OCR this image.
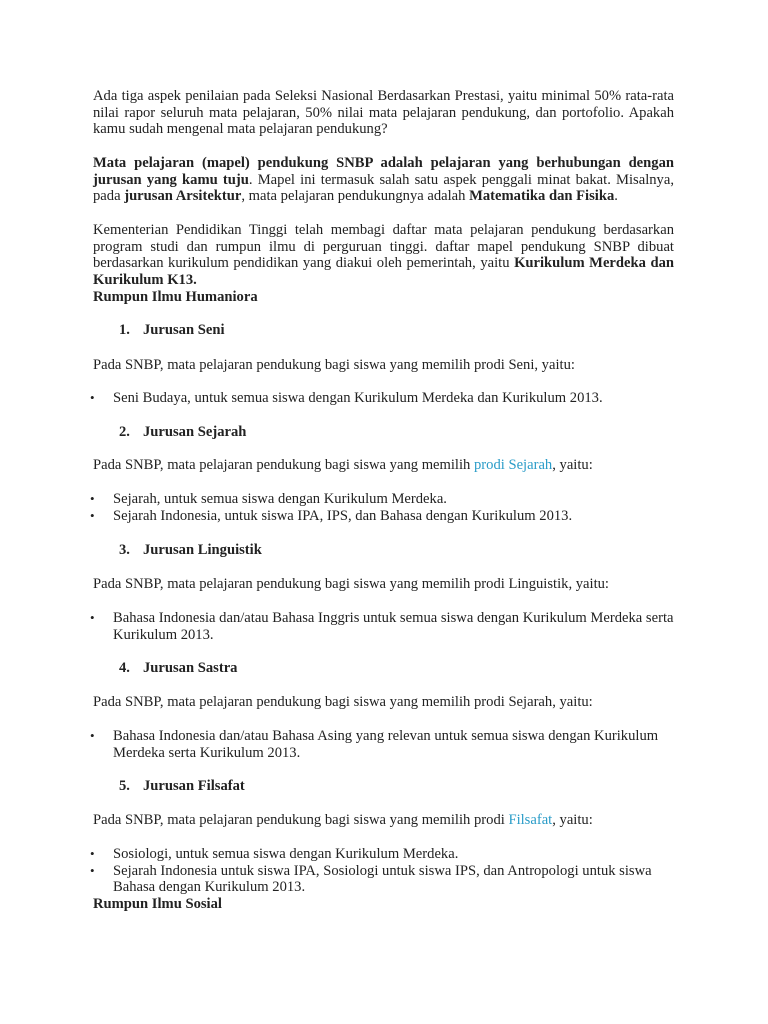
Ada tiga aspek penilaian pada Seleksi Nasional Berdasarkan Prestasi, yaitu minimal 50% rata-rata nilai rapor seluruh mata pelajaran, 50% nilai mata pelajaran pendukung, dan portofolio. Apakah kamu sudah mengenal mata pelajaran pendukung?

Mata pelajaran (mapel) pendukung SNBP adalah pelajaran yang berhubungan dengan jurusan yang kamu tuju. Mapel ini termasuk salah satu aspek penggali minat bakat. Misalnya, pada jurusan Arsitektur, mata pelajaran pendukungnya adalah Matematika dan Fisika.

Kementerian Pendidikan Tinggi telah membagi daftar mata pelajaran pendukung berdasarkan program studi dan rumpun ilmu di perguruan tinggi. daftar mapel pendukung SNBP dibuat berdasarkan kurikulum pendidikan yang diakui oleh pemerintah, yaitu Kurikulum Merdeka dan Kurikulum K13.

Rumpun Ilmu Humaniora
1. Jurusan Seni

Pada SNBP, mata pelajaran pendukung bagi siswa yang memilih prodi Seni, yaitu:

• Seni Budaya, untuk semua siswa dengan Kurikulum Merdeka dan Kurikulum 2013.
2. Jurusan Sejarah

Pada SNBP, mata pelajaran pendukung bagi siswa yang memilih prodi Sejarah, yaitu:

• Sejarah, untuk semua siswa dengan Kurikulum Merdeka.
• Sejarah Indonesia, untuk siswa IPA, IPS, dan Bahasa dengan Kurikulum 2013.
3. Jurusan Linguistik

Pada SNBP, mata pelajaran pendukung bagi siswa yang memilih prodi Linguistik, yaitu:

• Bahasa Indonesia dan/atau Bahasa Inggris untuk semua siswa dengan Kurikulum Merdeka serta Kurikulum 2013.
4. Jurusan Sastra

Pada SNBP, mata pelajaran pendukung bagi siswa yang memilih prodi Sejarah, yaitu:

• Bahasa Indonesia dan/atau Bahasa Asing yang relevan untuk semua siswa dengan Kurikulum Merdeka serta Kurikulum 2013.
5. Jurusan Filsafat

Pada SNBP, mata pelajaran pendukung bagi siswa yang memilih prodi Filsafat, yaitu:

• Sosiologi, untuk semua siswa dengan Kurikulum Merdeka.
• Sejarah Indonesia untuk siswa IPA, Sosiologi untuk siswa IPS, dan Antropologi untuk siswa Bahasa dengan Kurikulum 2013.
Rumpun Ilmu Sosial
